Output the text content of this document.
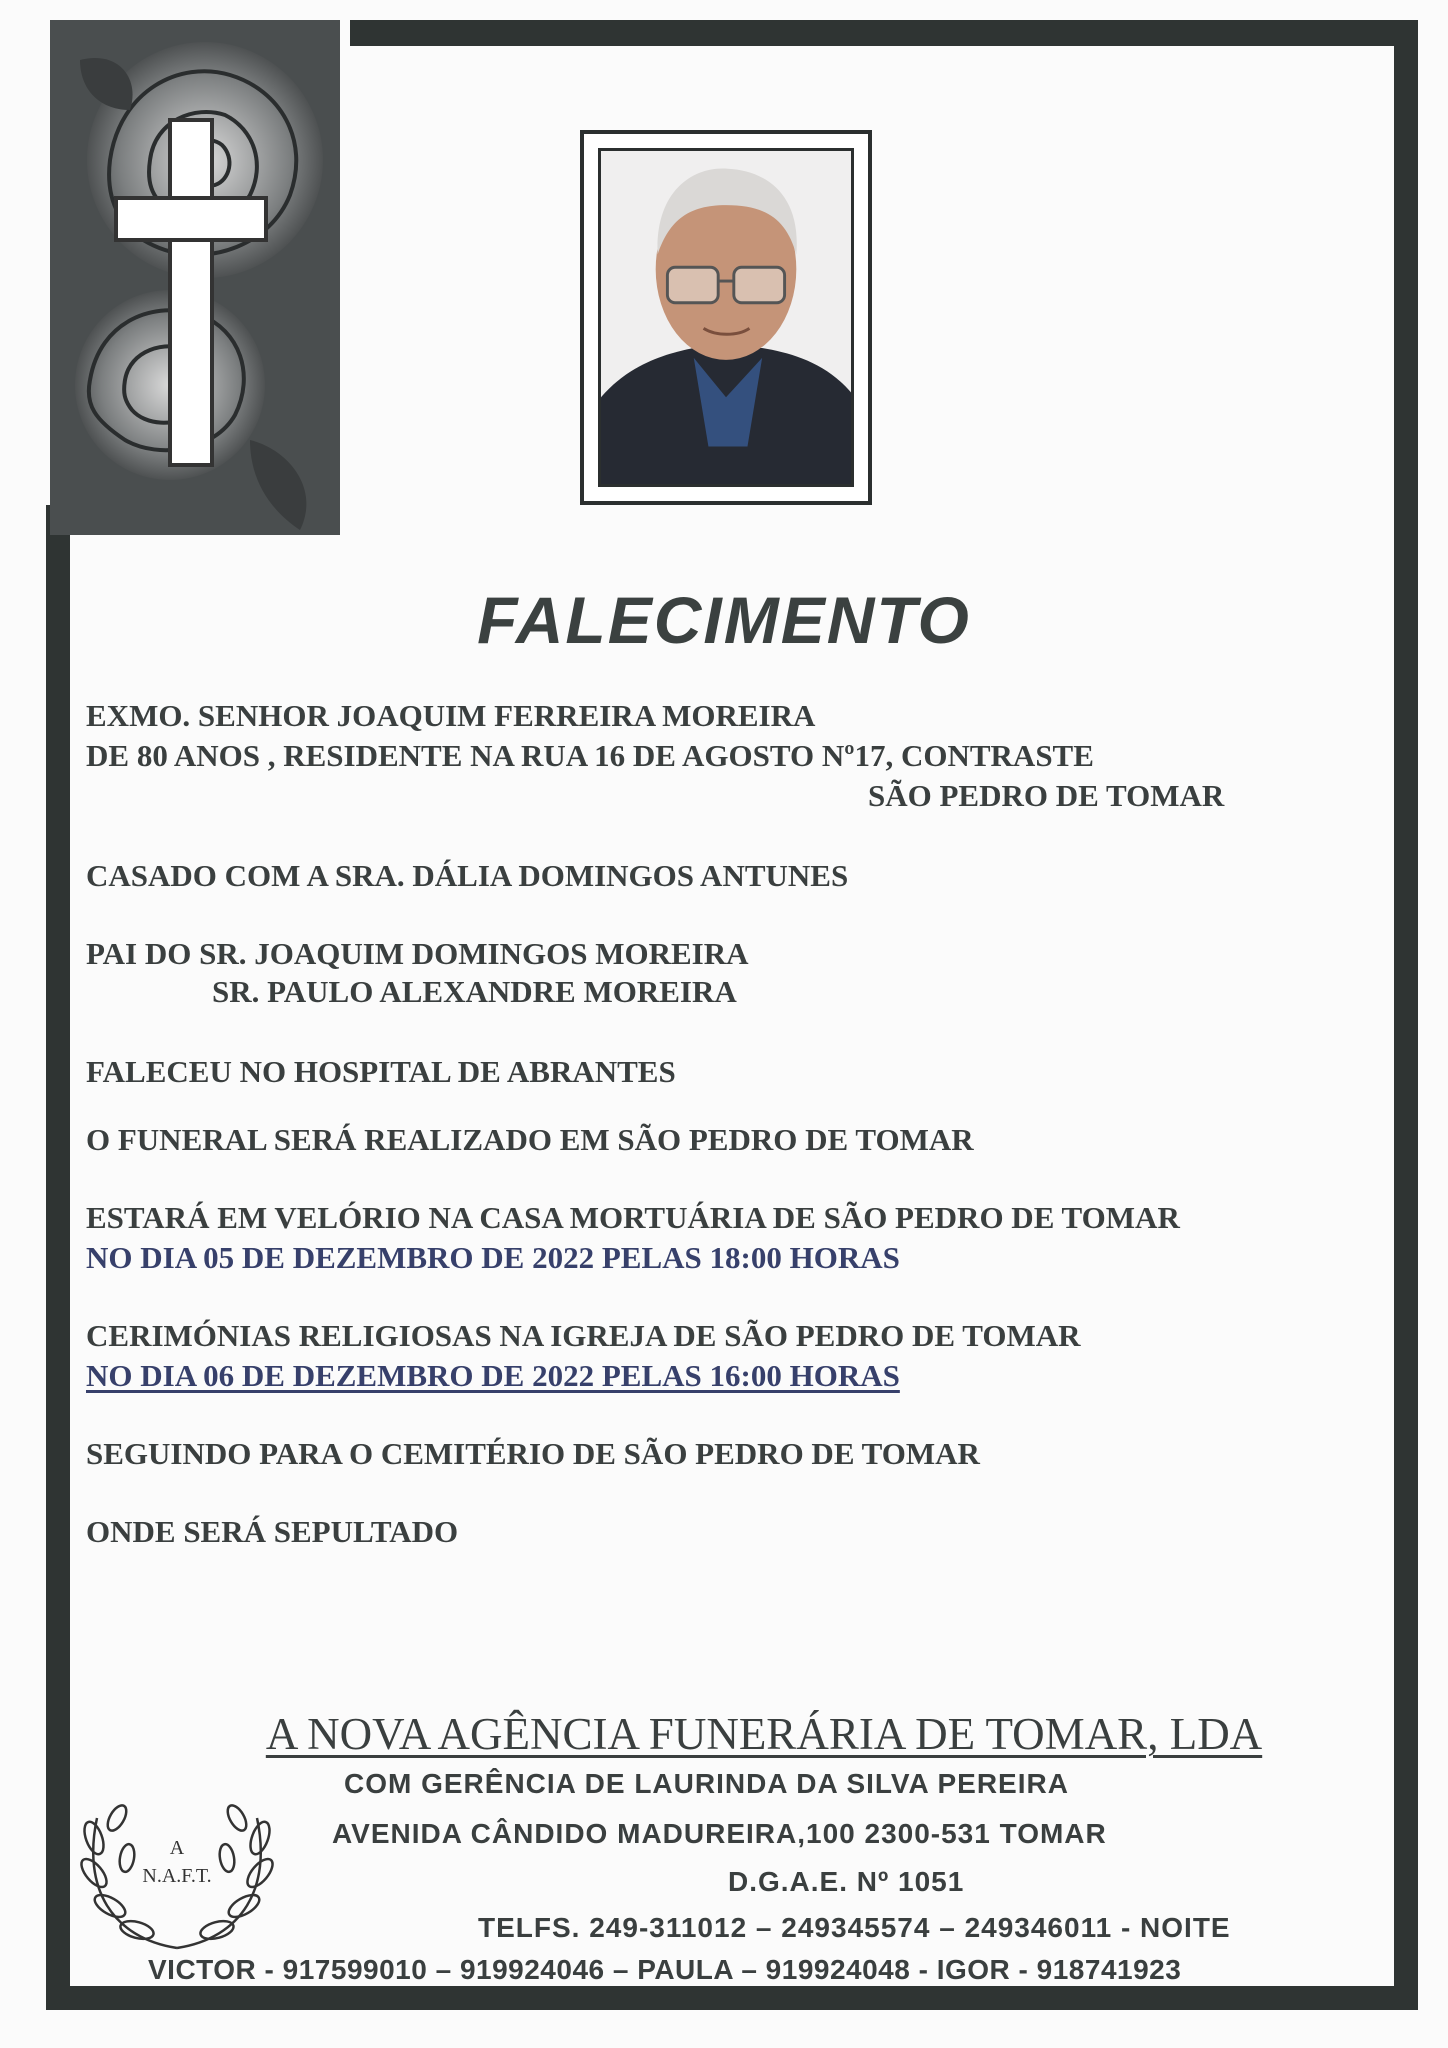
FALECIMENTO

EXMO. SENHOR JOAQUIM FERREIRA MOREIRA

DE 80 ANOS , RESIDENTE NA RUA 16 DE AGOSTO Nº17, CONTRASTE

SÃO PEDRO DE TOMAR

CASADO COM A SRA. DÁLIA DOMINGOS ANTUNES

PAI DO SR. JOAQUIM DOMINGOS MOREIRA

SR. PAULO ALEXANDRE MOREIRA

FALECEU NO HOSPITAL DE ABRANTES

O FUNERAL SERÁ REALIZADO EM SÃO PEDRO DE TOMAR

ESTARÁ EM VELÓRIO NA CASA MORTUÁRIA DE SÃO PEDRO DE TOMAR

NO DIA 05 DE DEZEMBRO DE 2022 PELAS 18:00 HORAS

CERIMÓNIAS RELIGIOSAS NA IGREJA DE SÃO PEDRO DE TOMAR

NO DIA 06 DE DEZEMBRO DE 2022 PELAS 16:00 HORAS

SEGUINDO PARA O CEMITÉRIO DE SÃO PEDRO DE TOMAR

ONDE SERÁ SEPULTADO

A NOVA AGÊNCIA FUNERÁRIA DE TOMAR, LDA

COM GERÊNCIA DE LAURINDA DA SILVA PEREIRA

AVENIDA CÂNDIDO MADUREIRA,100 2300-531 TOMAR

D.G.A.E. Nº 1051

TELFS. 249-311012 – 249345574 – 249346011 - NOITE

VICTOR - 917599010 – 919924046 – PAULA – 919924048 - IGOR - 918741923

A
N.A.F.T.
